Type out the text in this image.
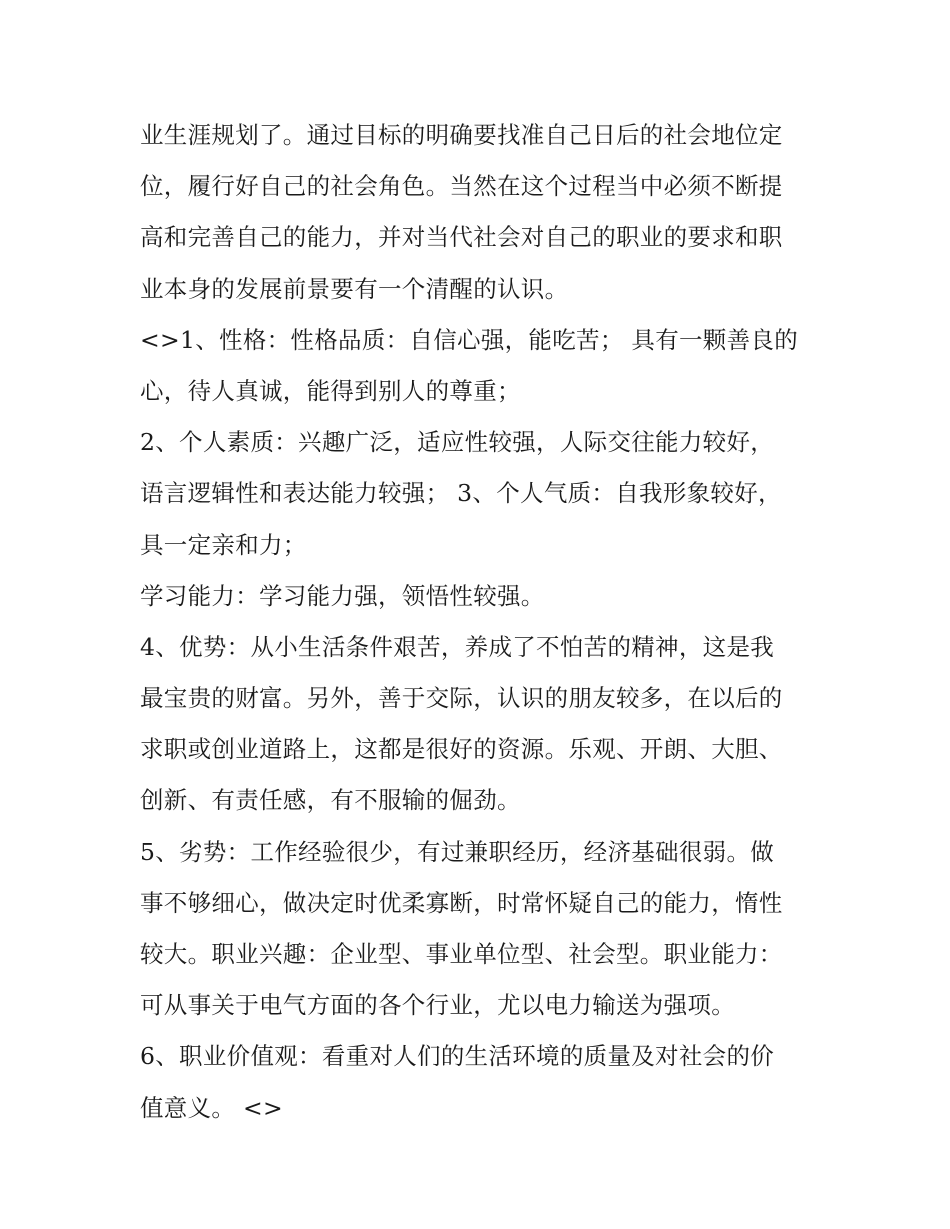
业生涯规划了。通过目标的明确要找准自己日后的社会地位定
位，履行好自己的社会角色。当然在这个过程当中必须不断提
高和完善自己的能力，并对当代社会对自己的职业的要求和职
业本身的发展前景要有一个清醒的认识。

<>1、性格：性格品质：自信心强，能吃苦； 具有一颗善良的
心，待人真诚，能得到别人的尊重；

2、个人素质：兴趣广泛，适应性较强，人际交往能力较好，
语言逻辑性和表达能力较强； 3、个人气质：自我形象较好，
具一定亲和力；

学习能力：学习能力强，领悟性较强。

4、优势：从小生活条件艰苦，养成了不怕苦的精神，这是我
最宝贵的财富。另外，善于交际，认识的朋友较多，在以后的
求职或创业道路上，这都是很好的资源。乐观、开朗、大胆、
创新、有责任感，有不服输的倔劲。

5、劣势：工作经验很少，有过兼职经历，经济基础很弱。做
事不够细心，做决定时优柔寡断，时常怀疑自己的能力，惰性
较大。职业兴趣：企业型、事业单位型、社会型。职业能力：
可从事关于电气方面的各个行业，尤以电力输送为强项。

6、职业价值观：看重对人们的生活环境的质量及对社会的价
值意义。 <>
